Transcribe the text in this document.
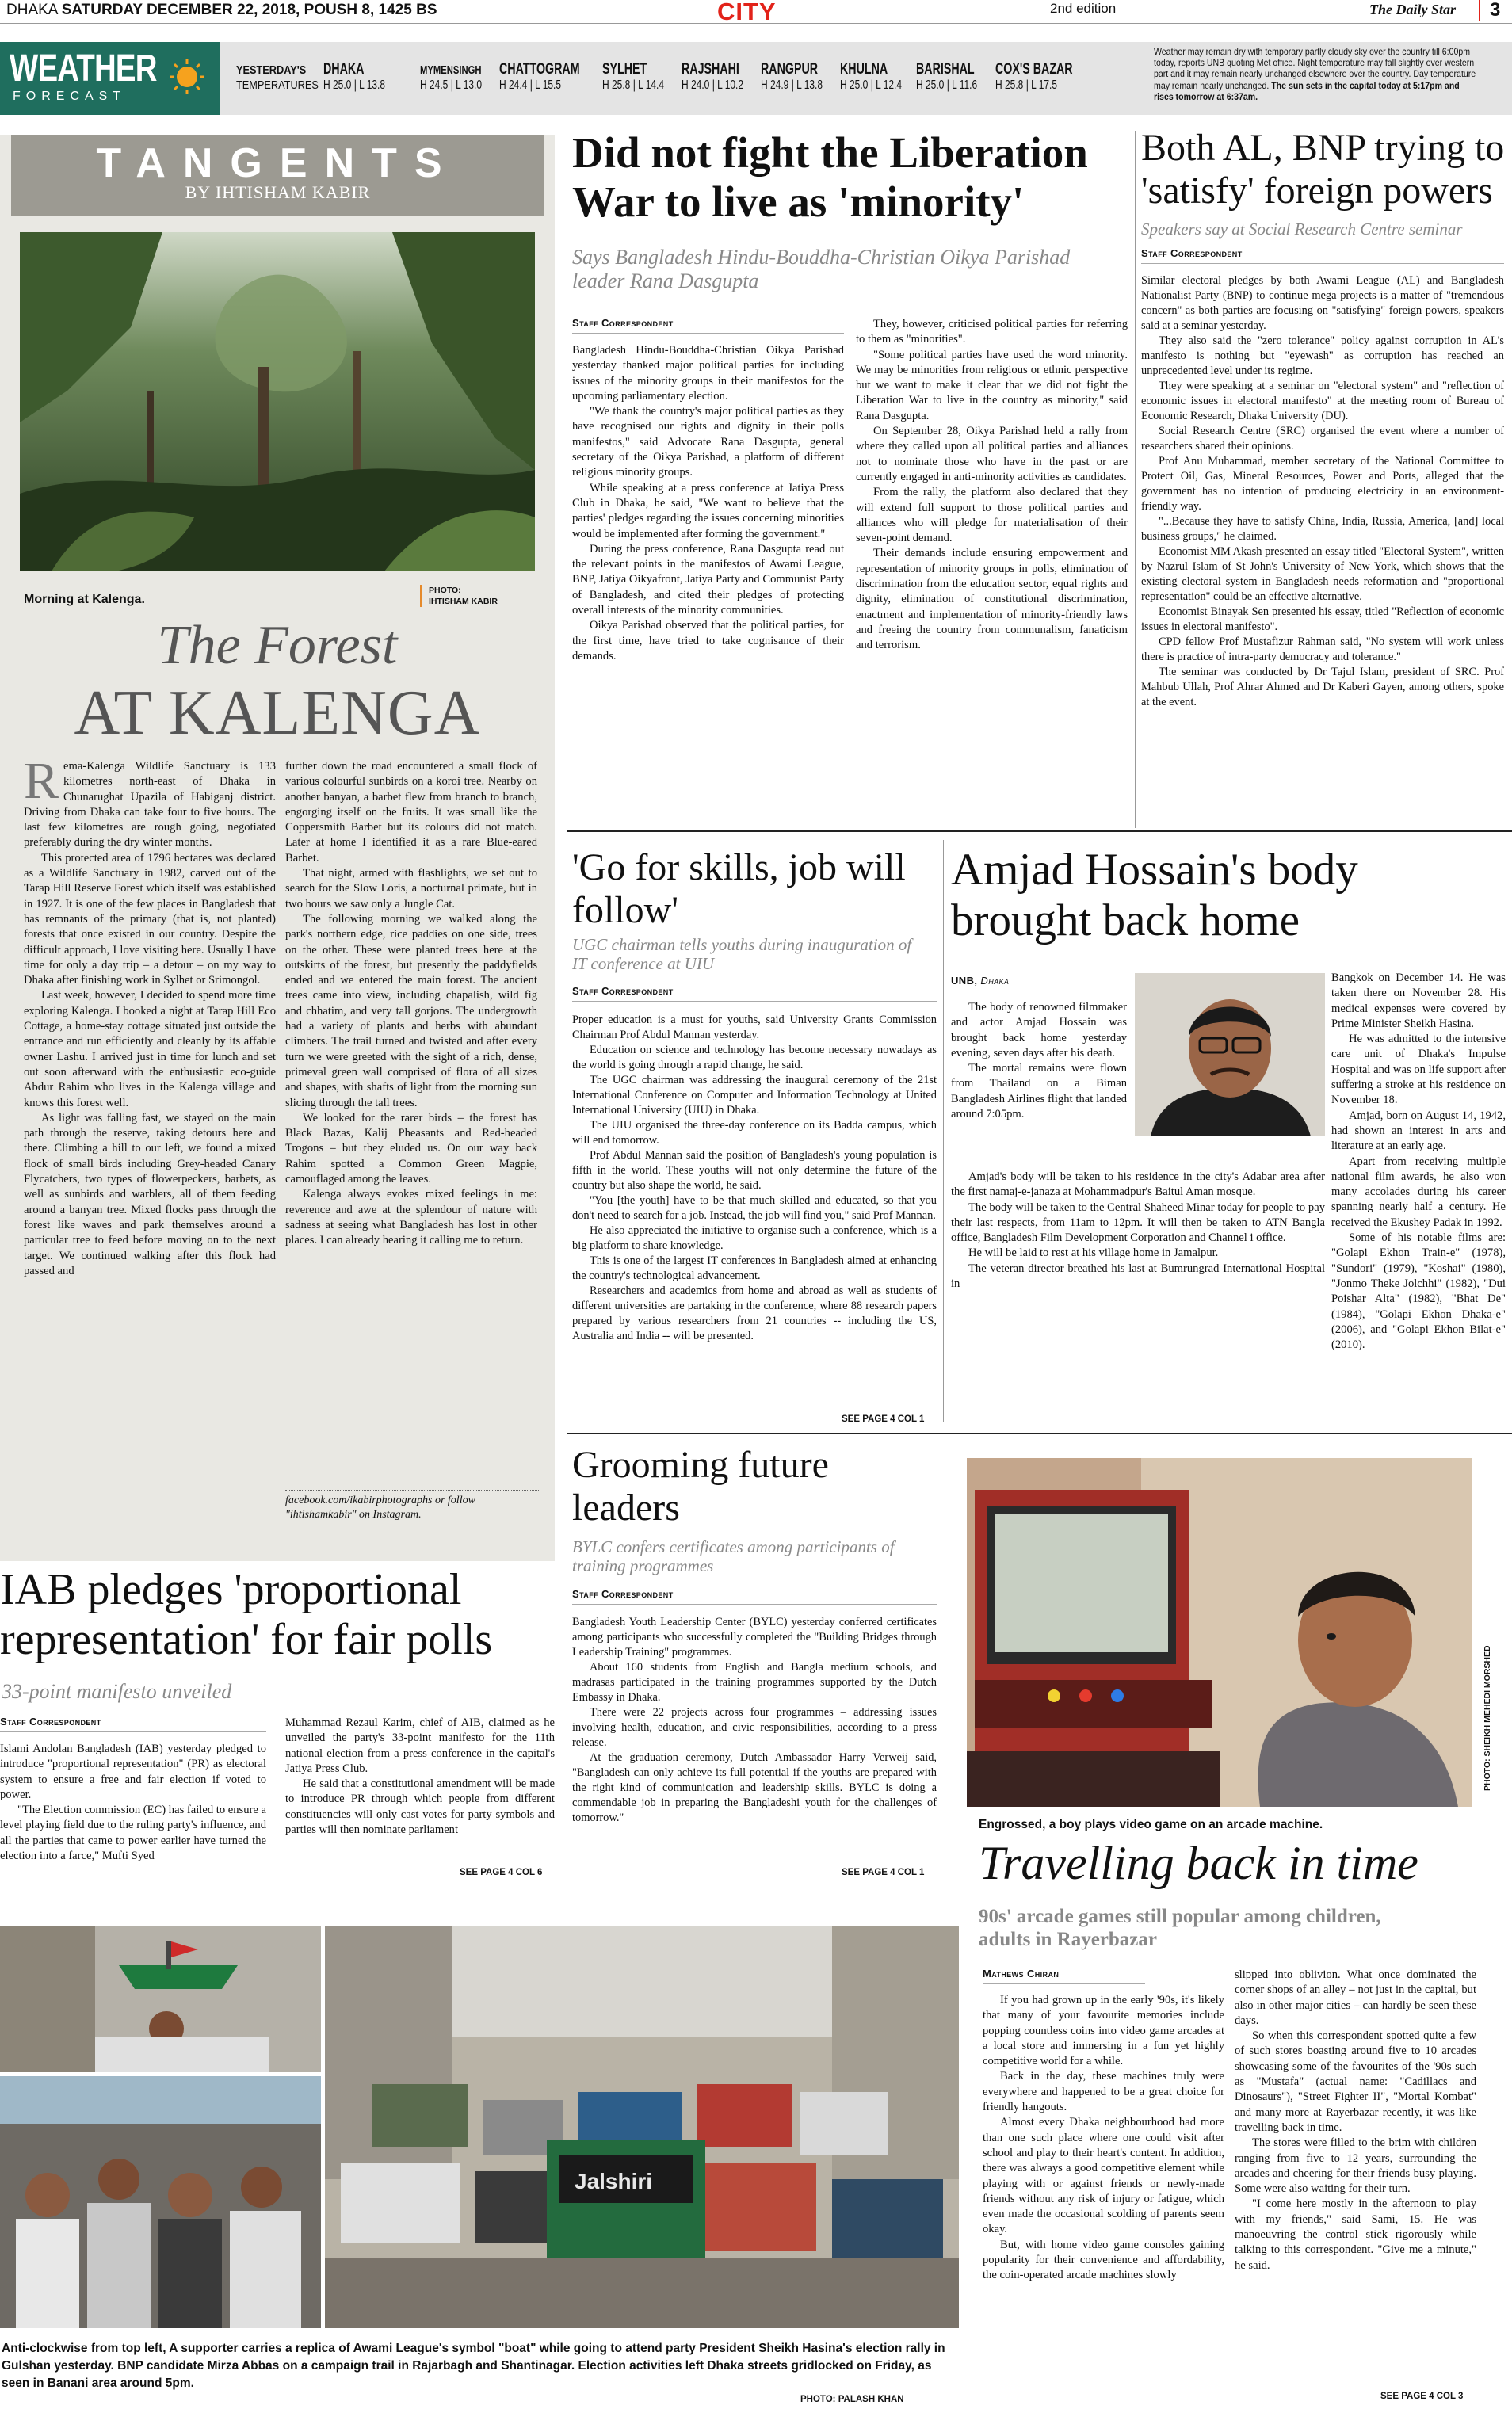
DHAKA SATURDAY DECEMBER 22, 2018, POUSH 8, 1425 BS	CITY	2nd edition	The Daily Star 3
WEATHER
FORECAST
YESTERDAY'S
TEMPERATURES
DHAKA
H 25.0 | L 13.8
MYMENSINGH
H 24.5 | L 13.0
CHATTOGRAM
H 24.4 | L 15.5
SYLHET
H 25.8 | L 14.4
RAJSHAHI
H 24.0 | L 10.2
RANGPUR
H 24.9 | L 13.8
KHULNA
H 25.0 | L 12.4
BARISHAL
H 25.0 | L 11.6
COX'S BAZAR
H 25.8 | L 17.5
Weather may remain dry with temporary partly cloudy sky over the country till 6:00pm today, reports UNB quoting Met office. Night temperature may fall slightly over western part and it may remain nearly unchanged elsewhere over the country. Day temperature may remain nearly unchanged. The sun sets in the capital today at 5:17pm and rises tomorrow at 6:37am.
TANGENTS
BY IHTISHAM KABIR
Morning at Kalenga.
PHOTO:
IHTISHAM KABIR
The Forest
AT KALENGA
R ema-Kalenga Wildlife Sanctuary is 133 kilometres north-east of Dhaka in Chunarughat Upazila of Habiganj district. Driving from Dhaka can take four to five hours. The last few kilometres are rough going, negotiated preferably during the dry winter months.

This protected area of 1796 hectares was declared as a Wildlife Sanctuary in 1982, carved out of the Tarap Hill Reserve Forest which itself was established in 1927. It is one of the few places in Bangladesh that has remnants of the primary (that is, not planted) forests that once existed in our country. Despite the difficult approach, I love visiting here. Usually I have time for only a day trip – a detour – on my way to Dhaka after finishing work in Sylhet or Srimongol.

Last week, however, I decided to spend more time exploring Kalenga. I booked a night at Tarap Hill Eco Cottage, a home-stay cottage situated just outside the entrance and run efficiently and cleanly by its affable owner Lashu. I arrived just in time for lunch and set out soon afterward with the enthusiastic eco-guide Abdur Rahim who lives in the Kalenga village and knows this forest well.

As light was falling fast, we stayed on the main path through the reserve, taking detours here and there. Climbing a hill to our left, we found a mixed flock of small birds including Grey-headed Canary Flycatchers, two types of flowerpeckers, barbets, as well as sunbirds and warblers, all of them feeding around a banyan tree. Mixed flocks pass through the forest like waves and park themselves around a particular tree to feed before moving on to the next target. We continued walking after this flock had passed and

further down the road encountered a small flock of various colourful sunbirds on a koroi tree. Nearby on another banyan, a barbet flew from branch to branch, engorging itself on the fruits. It was small like the Coppersmith Barbet but its colours did not match. Later at home I identified it as a rare Blue-eared Barbet.

That night, armed with flashlights, we set out to search for the Slow Loris, a nocturnal primate, but in two hours we saw only a Jungle Cat.

The following morning we walked along the park's northern edge, rice paddies on one side, trees on the other. These were planted trees here at the outskirts of the forest, but presently the paddyfields ended and we entered the main forest. The ancient trees came into view, including chapalish, wild fig and chhatim, and very tall gorjons. The undergrowth had a variety of plants and herbs with abundant climbers. The trail turned and twisted and after every turn we were greeted with the sight of a rich, dense, primeval green wall comprised of flora of all sizes and shapes, with shafts of light from the morning sun slicing through the tall trees.

We looked for the rarer birds – the forest has Black Bazas, Kalij Pheasants and Red-headed Trogons – but they eluded us. On our way back Rahim spotted a Common Green Magpie, camouflaged among the leaves.

Kalenga always evokes mixed feelings in me: reverence and awe at the splendour of nature with sadness at seeing what Bangladesh has lost in other places. I can already hearing it calling me to return.

facebook.com/ikabirphotographs or follow "ihtishamkabir" on Instagram.
Did not fight the Liberation War to live as 'minority'
Says Bangladesh Hindu-Bouddha-Christian Oikya Parishad leader Rana Dasgupta
Staff Correspondent

Bangladesh Hindu-Bouddha-Christian Oikya Parishad yesterday thanked major political parties for including issues of the minority groups in their manifestos for the upcoming parliamentary election.

"We thank the country's major political parties as they have recognised our rights and dignity in their polls manifestos," said Advocate Rana Dasgupta, general secretary of the Oikya Parishad, a platform of different religious minority groups.

While speaking at a press conference at Jatiya Press Club in Dhaka, he said, "We want to believe that the parties' pledges regarding the issues concerning minorities would be implemented after forming the government."

During the press conference, Rana Dasgupta read out the relevant points in the manifestos of Awami League, BNP, Jatiya Oikyafront, Jatiya Party and Communist Party of Bangladesh, and cited their pledges of protecting overall interests of the minority communities.

Oikya Parishad observed that the political parties, for the first time, have tried to take cognisance of their demands.

They, however, criticised political parties for referring to them as "minorities".

"Some political parties have used the word minority. We may be minorities from religious or ethnic perspective but we want to make it clear that we did not fight the Liberation War to live in the country as minority," said Rana Dasgupta.

On September 28, Oikya Parishad held a rally from where they called upon all political parties and alliances not to nominate those who have in the past or are currently engaged in anti-minority activities as candidates.

From the rally, the platform also declared that they will extend full support to those political parties and alliances who will pledge for materialisation of their seven-point demand.

Their demands include ensuring empowerment and representation of minority groups in polls, elimination of discrimination from the education sector, equal rights and dignity, elimination of constitutional discrimination, enactment and implementation of minority-friendly laws and freeing the country from communalism, fanaticism and terrorism.

Both AL, BNP trying to 'satisfy' foreign powers
Speakers say at Social Research Centre seminar
Staff Correspondent

Similar electoral pledges by both Awami League (AL) and Bangladesh Nationalist Party (BNP) to continue mega projects is a matter of "tremendous concern" as both parties are focusing on "satisfying" foreign powers, speakers said at a seminar yesterday.

They also said the "zero tolerance" policy against corruption in AL's manifesto is nothing but "eyewash" as corruption has reached an unprecedented level under its regime.

They were speaking at a seminar on "electoral system" and "reflection of economic issues in electoral manifesto" at the meeting room of Bureau of Economic Research, Dhaka University (DU).

Social Research Centre (SRC) organised the event where a number of researchers shared their opinions.

Prof Anu Muhammad, member secretary of the National Committee to Protect Oil, Gas, Mineral Resources, Power and Ports, alleged that the government has no intention of producing electricity in an environment-friendly way.

"...Because they have to satisfy China, India, Russia, America, [and] local business groups," he claimed.

Economist MM Akash presented an essay titled "Electoral System", written by Nazrul Islam of St John's University of New York, which shows that the existing electoral system in Bangladesh needs reformation and "proportional representation" could be an effective alternative.

Economist Binayak Sen presented his essay, titled "Reflection of economic issues in electoral manifesto".

CPD fellow Prof Mustafizur Rahman said, "No system will work unless there is practice of intra-party democracy and tolerance."

The seminar was conducted by Dr Tajul Islam, president of SRC. Prof Mahbub Ullah, Prof Ahrar Ahmed and Dr Kaberi Gayen, among others, spoke at the event.

'Go for skills, job will follow'
UGC chairman tells youths during inauguration of IT conference at UIU
Staff Correspondent

Proper education is a must for youths, said University Grants Commission Chairman Prof Abdul Mannan yesterday.

Education on science and technology has become necessary nowadays as the world is going through a rapid change, he said.

The UGC chairman was addressing the inaugural ceremony of the 21st International Conference on Computer and Information Technology at United International University (UIU) in Dhaka.

The UIU organised the three-day conference on its Badda campus, which will end tomorrow.

Prof Abdul Mannan said the position of Bangladesh's young population is fifth in the world. These youths will not only determine the future of the country but also shape the world, he said.

"You [the youth] have to be that much skilled and educated, so that you don't need to search for a job. Instead, the job will find you," said Prof Mannan.

He also appreciated the initiative to organise such a conference, which is a big platform to share knowledge.

This is one of the largest IT conferences in Bangladesh aimed at enhancing the country's technological advancement.

Researchers and academics from home and abroad as well as students of different universities are partaking in the conference, where 88 research papers prepared by various researchers from 21 countries -- including the US, Australia and India -- will be presented.

SEE PAGE 4 COL 1
Amjad Hossain's body brought back home
UNB, Dhaka

The body of renowned filmmaker and actor Amjad Hossain was brought back home yesterday evening, seven days after his death.

The mortal remains were flown from Thailand on a Biman Bangladesh Airlines flight that landed around 7:05pm.

Amjad's body will be taken to his residence in the city's Adabar area after the first namaj-e-janaza at Mohammadpur's Baitul Aman mosque.

The body will be taken to the Central Shaheed Minar today for people to pay their last respects, from 11am to 12pm. It will then be taken to ATN Bangla office, Bangladesh Film Development Corporation and Channel i office.

He will be laid to rest at his village home in Jamalpur.

The veteran director breathed his last at Bumrungrad International Hospital in

Bangkok on December 14. He was taken there on November 28. His medical expenses were covered by Prime Minister Sheikh Hasina.

He was admitted to the intensive care unit of Dhaka's Impulse Hospital and was on life support after suffering a stroke at his residence on November 18.

Amjad, born on August 14, 1942, had shown an interest in arts and literature at an early age.

Apart from receiving multiple national film awards, he also won many accolades during his career spanning nearly half a century. He received the Ekushey Padak in 1992.

Some of his notable films are: "Golapi Ekhon Train-e" (1978), "Sundori" (1979), "Koshai" (1980), "Jonmo Theke Jolchhi" (1982), "Dui Poishar Alta" (1982), "Bhat De" (1984), "Golapi Ekhon Dhaka-e" (2006), and "Golapi Ekhon Bilat-e" (2010).

Grooming future leaders
BYLC confers certificates among participants of training programmes
Staff Correspondent

Bangladesh Youth Leadership Center (BYLC) yesterday conferred certificates among participants who successfully completed the "Building Bridges through Leadership Training" programmes.

About 160 students from English and Bangla medium schools, and madrasas participated in the training programmes supported by the Dutch Embassy in Dhaka.

There were 22 projects across four programmes – addressing issues involving health, education, and civic responsibilities, according to a press release.

At the graduation ceremony, Dutch Ambassador Harry Verweij said, "Bangladesh can only achieve its full potential if the youths are prepared with the right kind of communication and leadership skills. BYLC is doing a commendable job in preparing the Bangladeshi youth for the challenges of tomorrow."

SEE PAGE 4 COL 1
IAB pledges 'proportional representation' for fair polls
33-point manifesto unveiled
Staff Correspondent

Islami Andolan Bangladesh (IAB) yesterday pledged to introduce "proportional representation" (PR) as electoral system to ensure a free and fair election if voted to power.

"The Election commission (EC) has failed to ensure a level playing field due to the ruling party's influence, and all the parties that came to power earlier have turned the election into a farce," Mufti Syed

Muhammad Rezaul Karim, chief of AIB, claimed as he unveiled the party's 33-point manifesto for the 11th national election from a press conference in the capital's Jatiya Press Club.

He said that a constitutional amendment will be made to introduce PR through which people from different constituencies will only cast votes for party symbols and parties will then nominate parliament

SEE PAGE 4 COL 6
PHOTO: SHEIKH MEHEDI MORSHED
Engrossed, a boy plays video game on an arcade machine.
Travelling back in time
90s' arcade games still popular among children, adults in Rayerbazar
Mathews Chiran

If you had grown up in the early '90s, it's likely that many of your favourite memories include popping countless coins into video game arcades at a local store and immersing in a fun yet highly competitive world for a while.

Back in the day, these machines truly were everywhere and happened to be a great choice for friendly hangouts.

Almost every Dhaka neighbourhood had more than one such place where one could visit after school and play to their heart's content. In addition, there was always a good competitive element while playing with or against friends or newly-made friends without any risk of injury or fatigue, which even made the occasional scolding of parents seem okay.

But, with home video game consoles gaining popularity for their convenience and affordability, the coin-operated arcade machines slowly

slipped into oblivion. What once dominated the corner shops of an alley – not just in the capital, but also in other major cities – can hardly be seen these days.

So when this correspondent spotted quite a few of such stores boasting around five to 10 arcades showcasing some of the favourites of the '90s such as "Mustafa" (actual name: "Cadillacs and Dinosaurs"), "Street Fighter II", "Mortal Kombat" and many more at Rayerbazar recently, it was like travelling back in time.

The stores were filled to the brim with children ranging from five to 12 years, surrounding the arcades and cheering for their friends busy playing. Some were also waiting for their turn.

"I come here mostly in the afternoon to play with my friends," said Sami, 15. He was manoeuvring the control stick rigorously while talking to this correspondent. "Give me a minute," he said.

SEE PAGE 4 COL 3
Jalshiri
Anti-clockwise from top left, A supporter carries a replica of Awami League's symbol "boat" while going to attend party President Sheikh Hasina's election rally in Gulshan yesterday. BNP candidate Mirza Abbas on a campaign trail in Rajarbagh and Shantinagar. Election activities left Dhaka streets gridlocked on Friday, as seen in Banani area around 5pm.
PHOTO: PALASH KHAN
